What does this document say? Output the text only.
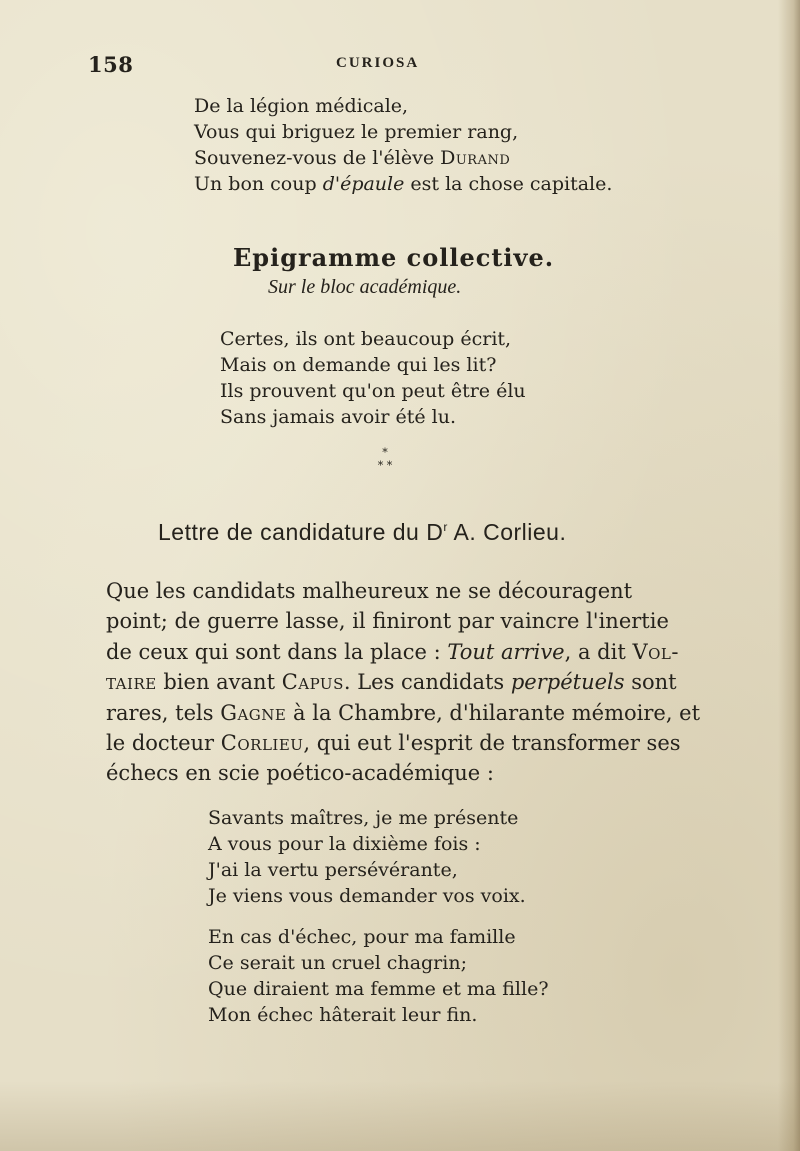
158	CURIOSA
De la légion médicale,
Vous qui briguez le premier rang,
Souvenez-vous de l'élève Durand
Un bon coup d'épaule est la chose capitale.
Epigramme collective.
Sur le bloc académique.
Certes, ils ont beaucoup écrit,
Mais on demande qui les lit?
Ils prouvent qu'on peut être élu
Sans jamais avoir été lu.
*
* *
Lettre de candidature du $D^r$ A. Corlieu.
Que les candidats malheureux ne se découragent
point; de guerre lasse, il finiront par vaincre l'inertie
de ceux qui sont dans la place : Tout arrive, a dit Vol-
taire bien avant Capus. Les candidats perpétuels sont
rares, tels Gagne à la Chambre, d'hilarante mémoire, et
le docteur Corlieu, qui eut l'esprit de transformer ses
échecs en scie poético-académique :
Savants maîtres, je me présente
A vous pour la dixième fois :
J'ai la vertu persévérante,
Je viens vous demander vos voix.
En cas d'échec, pour ma famille
Ce serait un cruel chagrin;
Que diraient ma femme et ma fille?
Mon échec hâterait leur fin.
